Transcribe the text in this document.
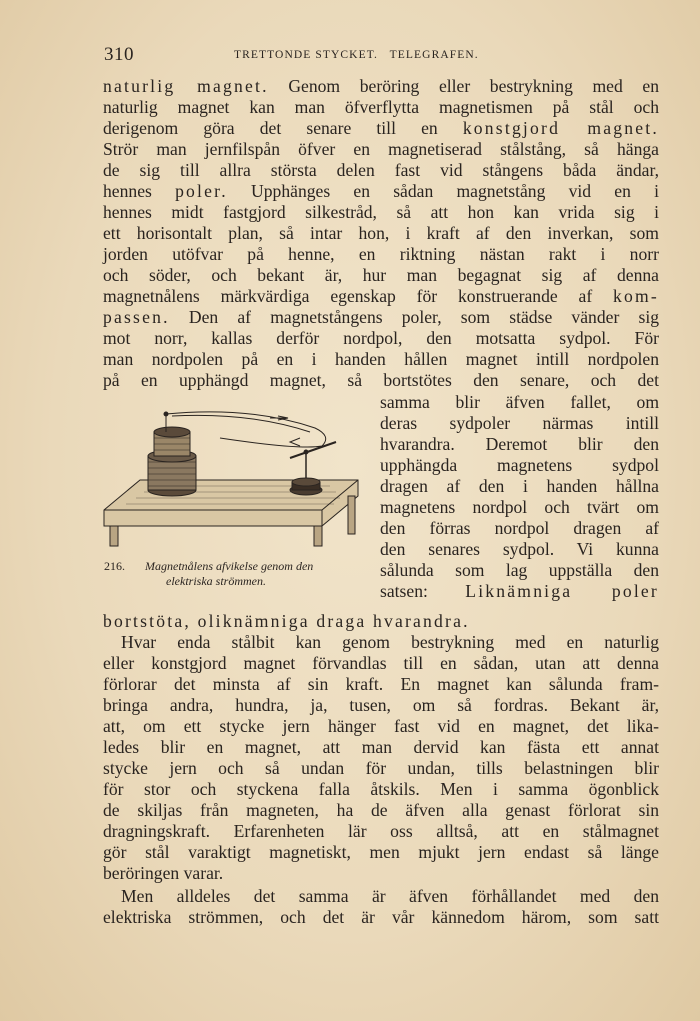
310	TRETTONDE STYCKET.   TELEGRAFEN.
naturlig magnet. Genom beröring eller bestrykning med en
naturlig magnet kan man öfverflytta magnetismen på stål och
derigenom göra det senare till en konstgjord magnet.
Strör man jernfilspån öfver en magnetiserad stålstång, så hänga
de sig till allra största delen fast vid stångens båda ändar,
hennes poler. Upphänges en sådan magnetstång vid en i
hennes midt fastgjord silkestråd, så att hon kan vrida sig i
ett horisontalt plan, så intar hon, i kraft af den inverkan, som
jorden utöfvar på henne, en riktning nästan rakt i norr
och söder, och bekant är, hur man begagnat sig af denna
magnetnålens märkvärdiga egenskap för konstruerande af kom-
passen. Den af magnetstångens poler, som städse vänder sig
mot norr, kallas derför nordpol, den motsatta sydpol. För
man nordpolen på en i handen hållen magnet intill nordpolen
på en upphängd magnet, så bortstötes den senare, och det
samma blir äfven fallet, om
deras sydpoler närmas intill
hvarandra. Deremot blir den
upphängda magnetens sydpol
dragen af den i handen hållna
magnetens nordpol och tvärt om
den förras nordpol dragen af
den senares sydpol. Vi kunna
sålunda som lag uppställa den
satsen: Liknämniga poler
216. Magnetnålens afvikelse genom den
elektriska strömmen.
bortstöta, oliknämniga draga hvarandra.
Hvar enda stålbit kan genom bestrykning med en naturlig
eller konstgjord magnet förvandlas till en sådan, utan att denna
förlorar det minsta af sin kraft. En magnet kan sålunda fram-
bringa andra, hundra, ja, tusen, om så fordras. Bekant är,
att, om ett stycke jern hänger fast vid en magnet, det lika-
ledes blir en magnet, att man dervid kan fästa ett annat
stycke jern och så undan för undan, tills belastningen blir
för stor och styckena falla åtskils. Men i samma ögonblick
de skiljas från magneten, ha de äfven alla genast förlorat sin
dragningskraft. Erfarenheten lär oss alltså, att en stålmagnet
gör stål varaktigt magnetiskt, men mjukt jern endast så länge
beröringen varar.
Men alldeles det samma är äfven förhållandet med den
elektriska strömmen, och det är vår kännedom härom, som satt
